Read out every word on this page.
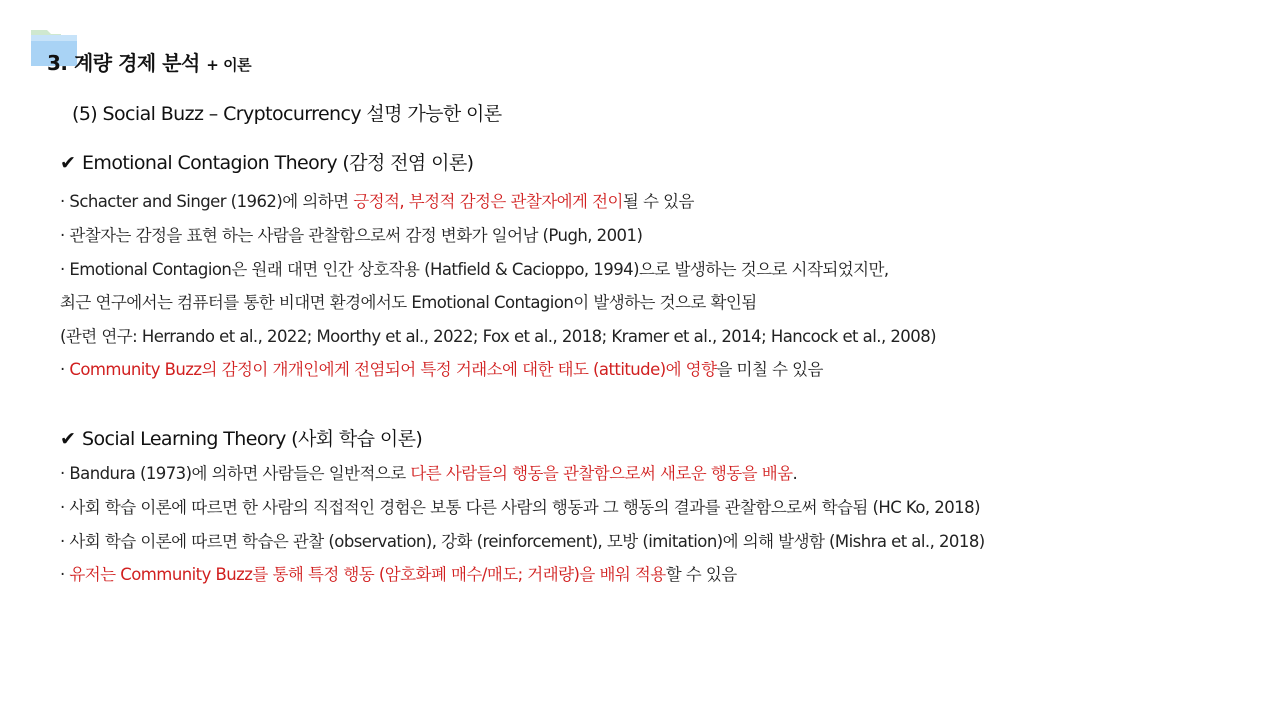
3. 계량 경제 분석 + 이론
(5) Social Buzz – Cryptocurrency 설명 가능한 이론
✔ Emotional Contagion Theory (감정 전염 이론)
· Schacter and Singer (1962)에 의하면 긍정적, 부정적 감정은 관찰자에게 전이될 수 있음
· 관찰자는 감정을 표현 하는 사람을 관찰함으로써 감정 변화가 일어남 (Pugh, 2001)
· Emotional Contagion은 원래 대면 인간 상호작용 (Hatfield & Cacioppo, 1994)으로 발생하는 것으로 시작되었지만,
최근 연구에서는 컴퓨터를 통한 비대면 환경에서도 Emotional Contagion이 발생하는 것으로 확인됨
(관련 연구: Herrando et al., 2022; Moorthy et al., 2022; Fox et al., 2018; Kramer et al., 2014; Hancock et al., 2008)
· Community Buzz의 감정이 개개인에게 전염되어 특정 거래소에 대한 태도 (attitude)에 영향을 미칠 수 있음
✔ Social Learning Theory (사회 학습 이론)
· Bandura (1973)에 의하면 사람들은 일반적으로 다른 사람들의 행동을 관찰함으로써 새로운 행동을 배움.
· 사회 학습 이론에 따르면 한 사람의 직접적인 경험은 보통 다른 사람의 행동과 그 행동의 결과를 관찰함으로써 학습됨 (HC Ko, 2018)
· 사회 학습 이론에 따르면 학습은 관찰 (observation), 강화 (reinforcement), 모방 (imitation)에 의해 발생함 (Mishra et al., 2018)
· 유저는 Community Buzz를 통해 특정 행동 (암호화폐 매수/매도; 거래량)을 배워 적용할 수 있음
